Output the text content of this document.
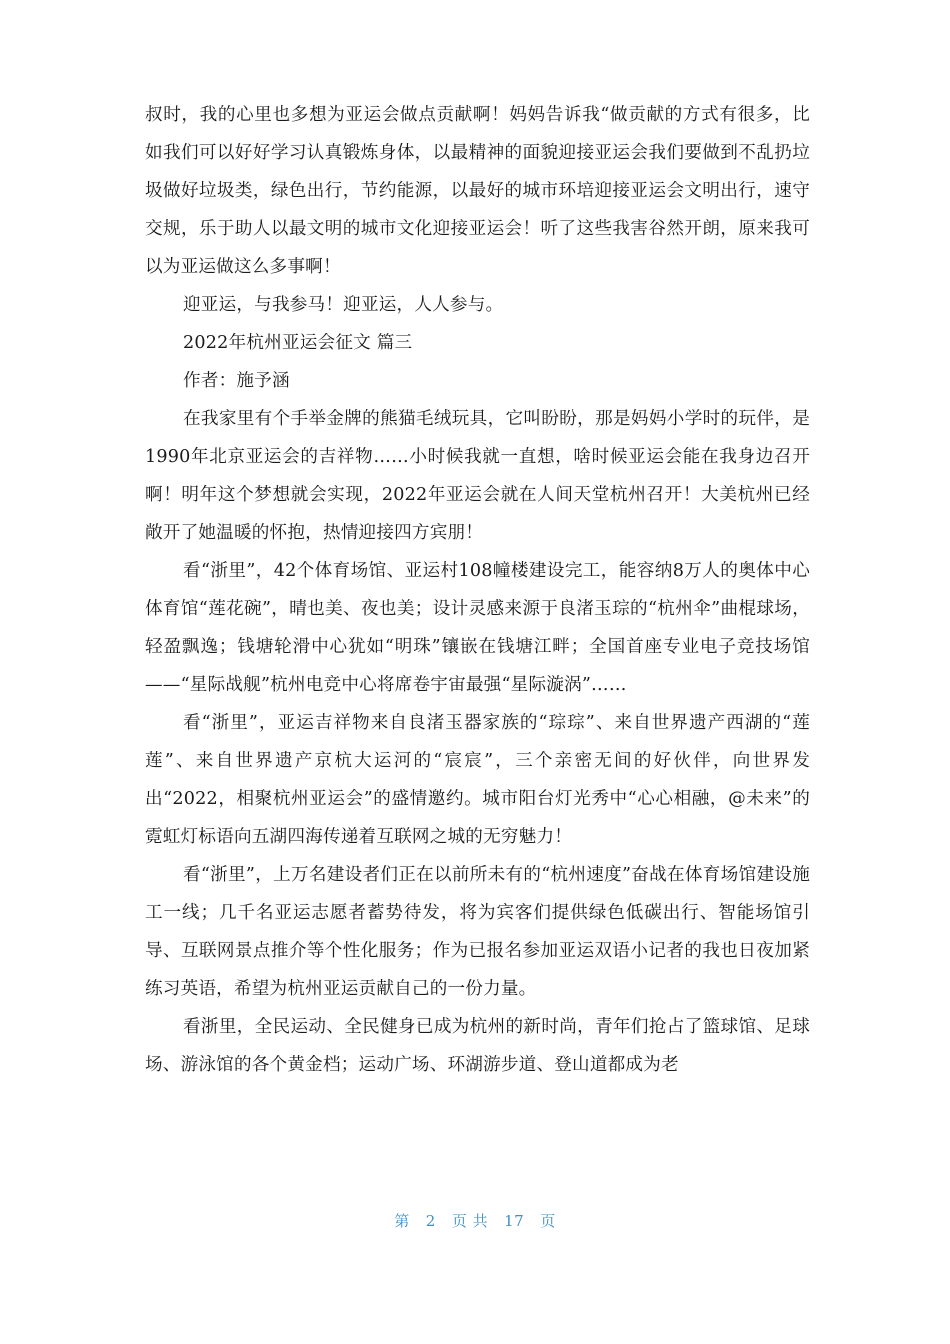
叔时，我的心里也多想为亚运会做点贡献啊！妈妈告诉我“做贡献的方式有很多，比如我们可以好好学习认真锻炼身体，以最精神的面貌迎接亚运会我们要做到不乱扔垃圾做好垃圾类，绿色出行，节约能源，以最好的城市环培迎接亚运会文明出行，速守交规，乐于助人以最文明的城市文化迎接亚运会！听了这些我害谷然开朗，原来我可以为亚运做这么多事啊！

迎亚运，与我参马！迎亚运，人人参与。

2022年杭州亚运会征文 篇三

作者：施予涵

在我家里有个手举金牌的熊猫毛绒玩具，它叫盼盼，那是妈妈小学时的玩伴，是1990年北京亚运会的吉祥物……小时候我就一直想，啥时候亚运会能在我身边召开啊！明年这个梦想就会实现，2022年亚运会就在人间天堂杭州召开！大美杭州已经敞开了她温暖的怀抱，热情迎接四方宾朋！

看“浙里”，42个体育场馆、亚运村108幢楼建设完工，能容纳8万人的奥体中心体育馆“莲花碗”，晴也美、夜也美；设计灵感来源于良渚玉琮的“杭州伞”曲棍球场，轻盈飘逸；钱塘轮滑中心犹如“明珠”镶嵌在钱塘江畔；全国首座专业电子竞技场馆——“星际战舰”杭州电竞中心将席卷宇宙最强“星际漩涡”……

看“浙里”，亚运吉祥物来自良渚玉器家族的“琮琮”、来自世界遗产西湖的“莲莲”、来自世界遗产京杭大运河的“宸宸”，三个亲密无间的好伙伴，向世界发出“2022，相聚杭州亚运会”的盛情邀约。城市阳台灯光秀中“心心相融，@未来”的霓虹灯标语向五湖四海传递着互联网之城的无穷魅力！

看“浙里”，上万名建设者们正在以前所未有的“杭州速度”奋战在体育场馆建设施工一线；几千名亚运志愿者蓄势待发，将为宾客们提供绿色低碳出行、智能场馆引导、互联网景点推介等个性化服务；作为已报名参加亚运双语小记者的我也日夜加紧练习英语，希望为杭州亚运贡献自己的一份力量。

看浙里，全民运动、全民健身已成为杭州的新时尚，青年们抢占了篮球馆、足球场、游泳馆的各个黄金档；运动广场、环湖游步道、登山道都成为老

第 2 页 共 17 页
